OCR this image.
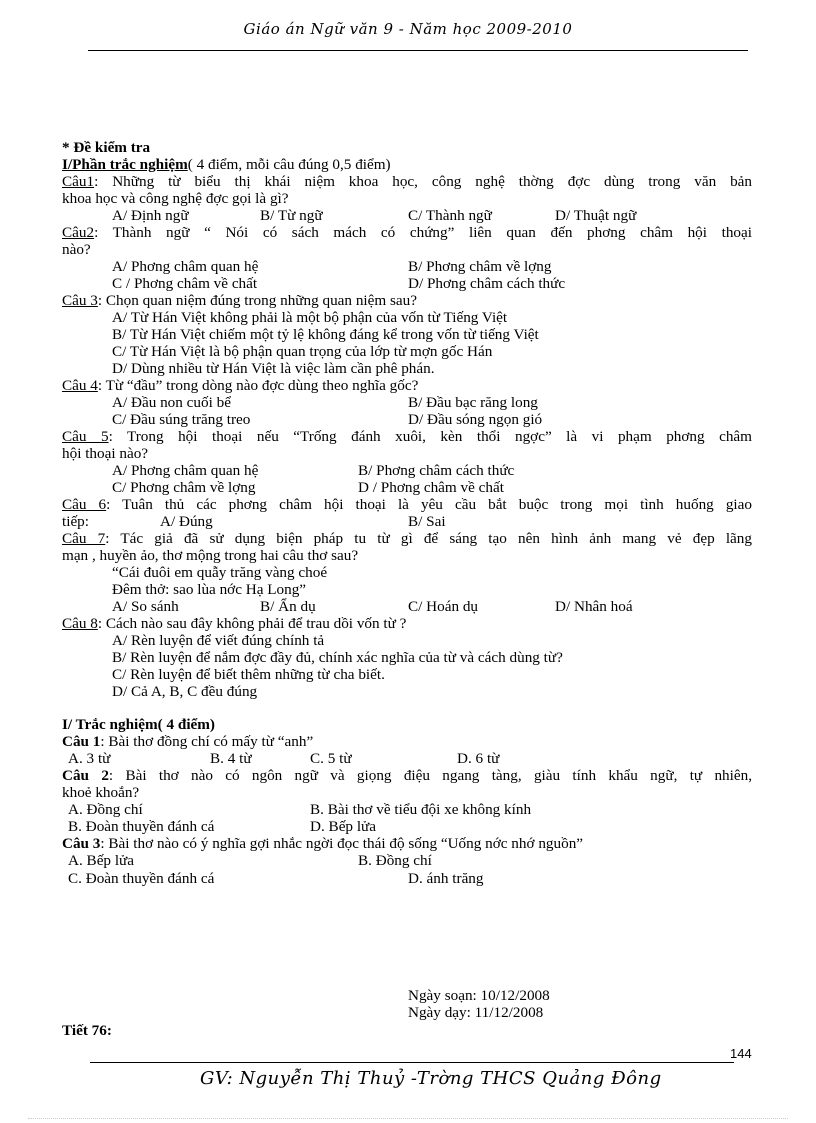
Giáo án Ngữ văn 9 - Năm học 2009-2010
* Đề kiểm tra
I/Phần trắc nghiệm( 4 điểm, mỗi câu đúng 0,5 điểm)
Câu1: Những từ biểu thị khái niệm khoa học, công nghệ thờng đợc dùng trong văn bản
khoa học và công nghệ đợc gọi là gì?
A/ Định ngữ	B/ Từ ngữ	C/ Thành ngữ	D/ Thuật ngữ
Câu2: Thành ngữ “ Nói có sách mách có chứng” liên quan đến phơng châm hội thoại
nào?
A/ Phơng châm quan hệ	B/ Phơng châm về lợng
C / Phơng châm về chất	D/ Phơng châm cách thức
Câu 3: Chọn quan niệm đúng trong những quan niệm sau?
A/ Từ Hán Việt không phải là một bộ phận của vốn từ Tiếng Việt
B/ Từ Hán Việt chiếm một tỷ lệ không đáng kể trong vốn từ tiếng Việt
C/ Từ Hán Việt là bộ phận quan trọng của lớp từ mợn gốc Hán
D/ Dùng nhiều từ Hán Việt là việc làm cần phê phán.
Câu 4: Từ “đầu” trong dòng nào đợc dùng theo nghĩa gốc?
A/ Đầu non cuối bể	B/ Đầu bạc răng long
C/ Đầu súng trăng treo	D/ Đầu sóng ngọn gió
Câu 5: Trong hội thoại nếu “Trống đánh xuôi, kèn thổi ngợc” là vi phạm phơng châm
hội thoại nào?
A/ Phơng châm quan hệ	B/ Phơng châm cách thức
C/ Phơng châm về lợng	D / Phơng châm về chất
Câu 6: Tuân thủ các phơng châm hội thoại là yêu cầu bắt buộc trong mọi tình huống giao
tiếp:	A/ Đúng	B/ Sai
Câu 7: Tác giả đã sử dụng biện pháp tu từ gì để sáng tạo nên hình ảnh mang vẻ đẹp lãng
mạn , huyền ảo, thơ mộng trong hai câu thơ sau?
“Cái đuôi em quẫy trăng vàng choé
Đêm thở: sao lùa nớc Hạ Long”
A/ So sánh	B/ Ẩn dụ	C/ Hoán dụ	D/ Nhân hoá
Câu 8: Cách nào sau đây không phải để trau dồi vốn từ ?
A/ Rèn luyện để viết đúng chính tả
B/ Rèn luyện để nắm đợc đầy đủ, chính xác nghĩa của từ và cách dùng từ?
C/ Rèn luyện để biết thêm những từ cha biết.
D/ Cả A, B, C đều đúng
I/ Trắc nghiệm( 4 điểm)
Câu 1: Bài thơ đồng chí có mấy từ “anh”
A. 3 từ	B. 4 từ	C. 5 từ	D. 6 từ
Câu 2: Bài thơ nào có ngôn ngữ và giọng điệu ngang tàng, giàu tính khẩu ngữ, tự nhiên,
khoẻ khoắn?
A. Đồng chí	B. Bài thơ về tiểu đội xe không kính
B. Đoàn thuyền đánh cá	D. Bếp lửa
Câu 3: Bài thơ nào có ý nghĩa gợi nhắc ngời đọc thái độ sống “Uống nớc nhớ nguồn”
A. Bếp lửa	B. Đồng chí
C. Đoàn thuyền đánh cá	D. ánh trăng
Ngày soạn: 10/12/2008
Ngày dạy: 11/12/2008
Tiết 76:
144
GV: Nguyễn Thị Thuỷ -Trờng THCS Quảng Đông
